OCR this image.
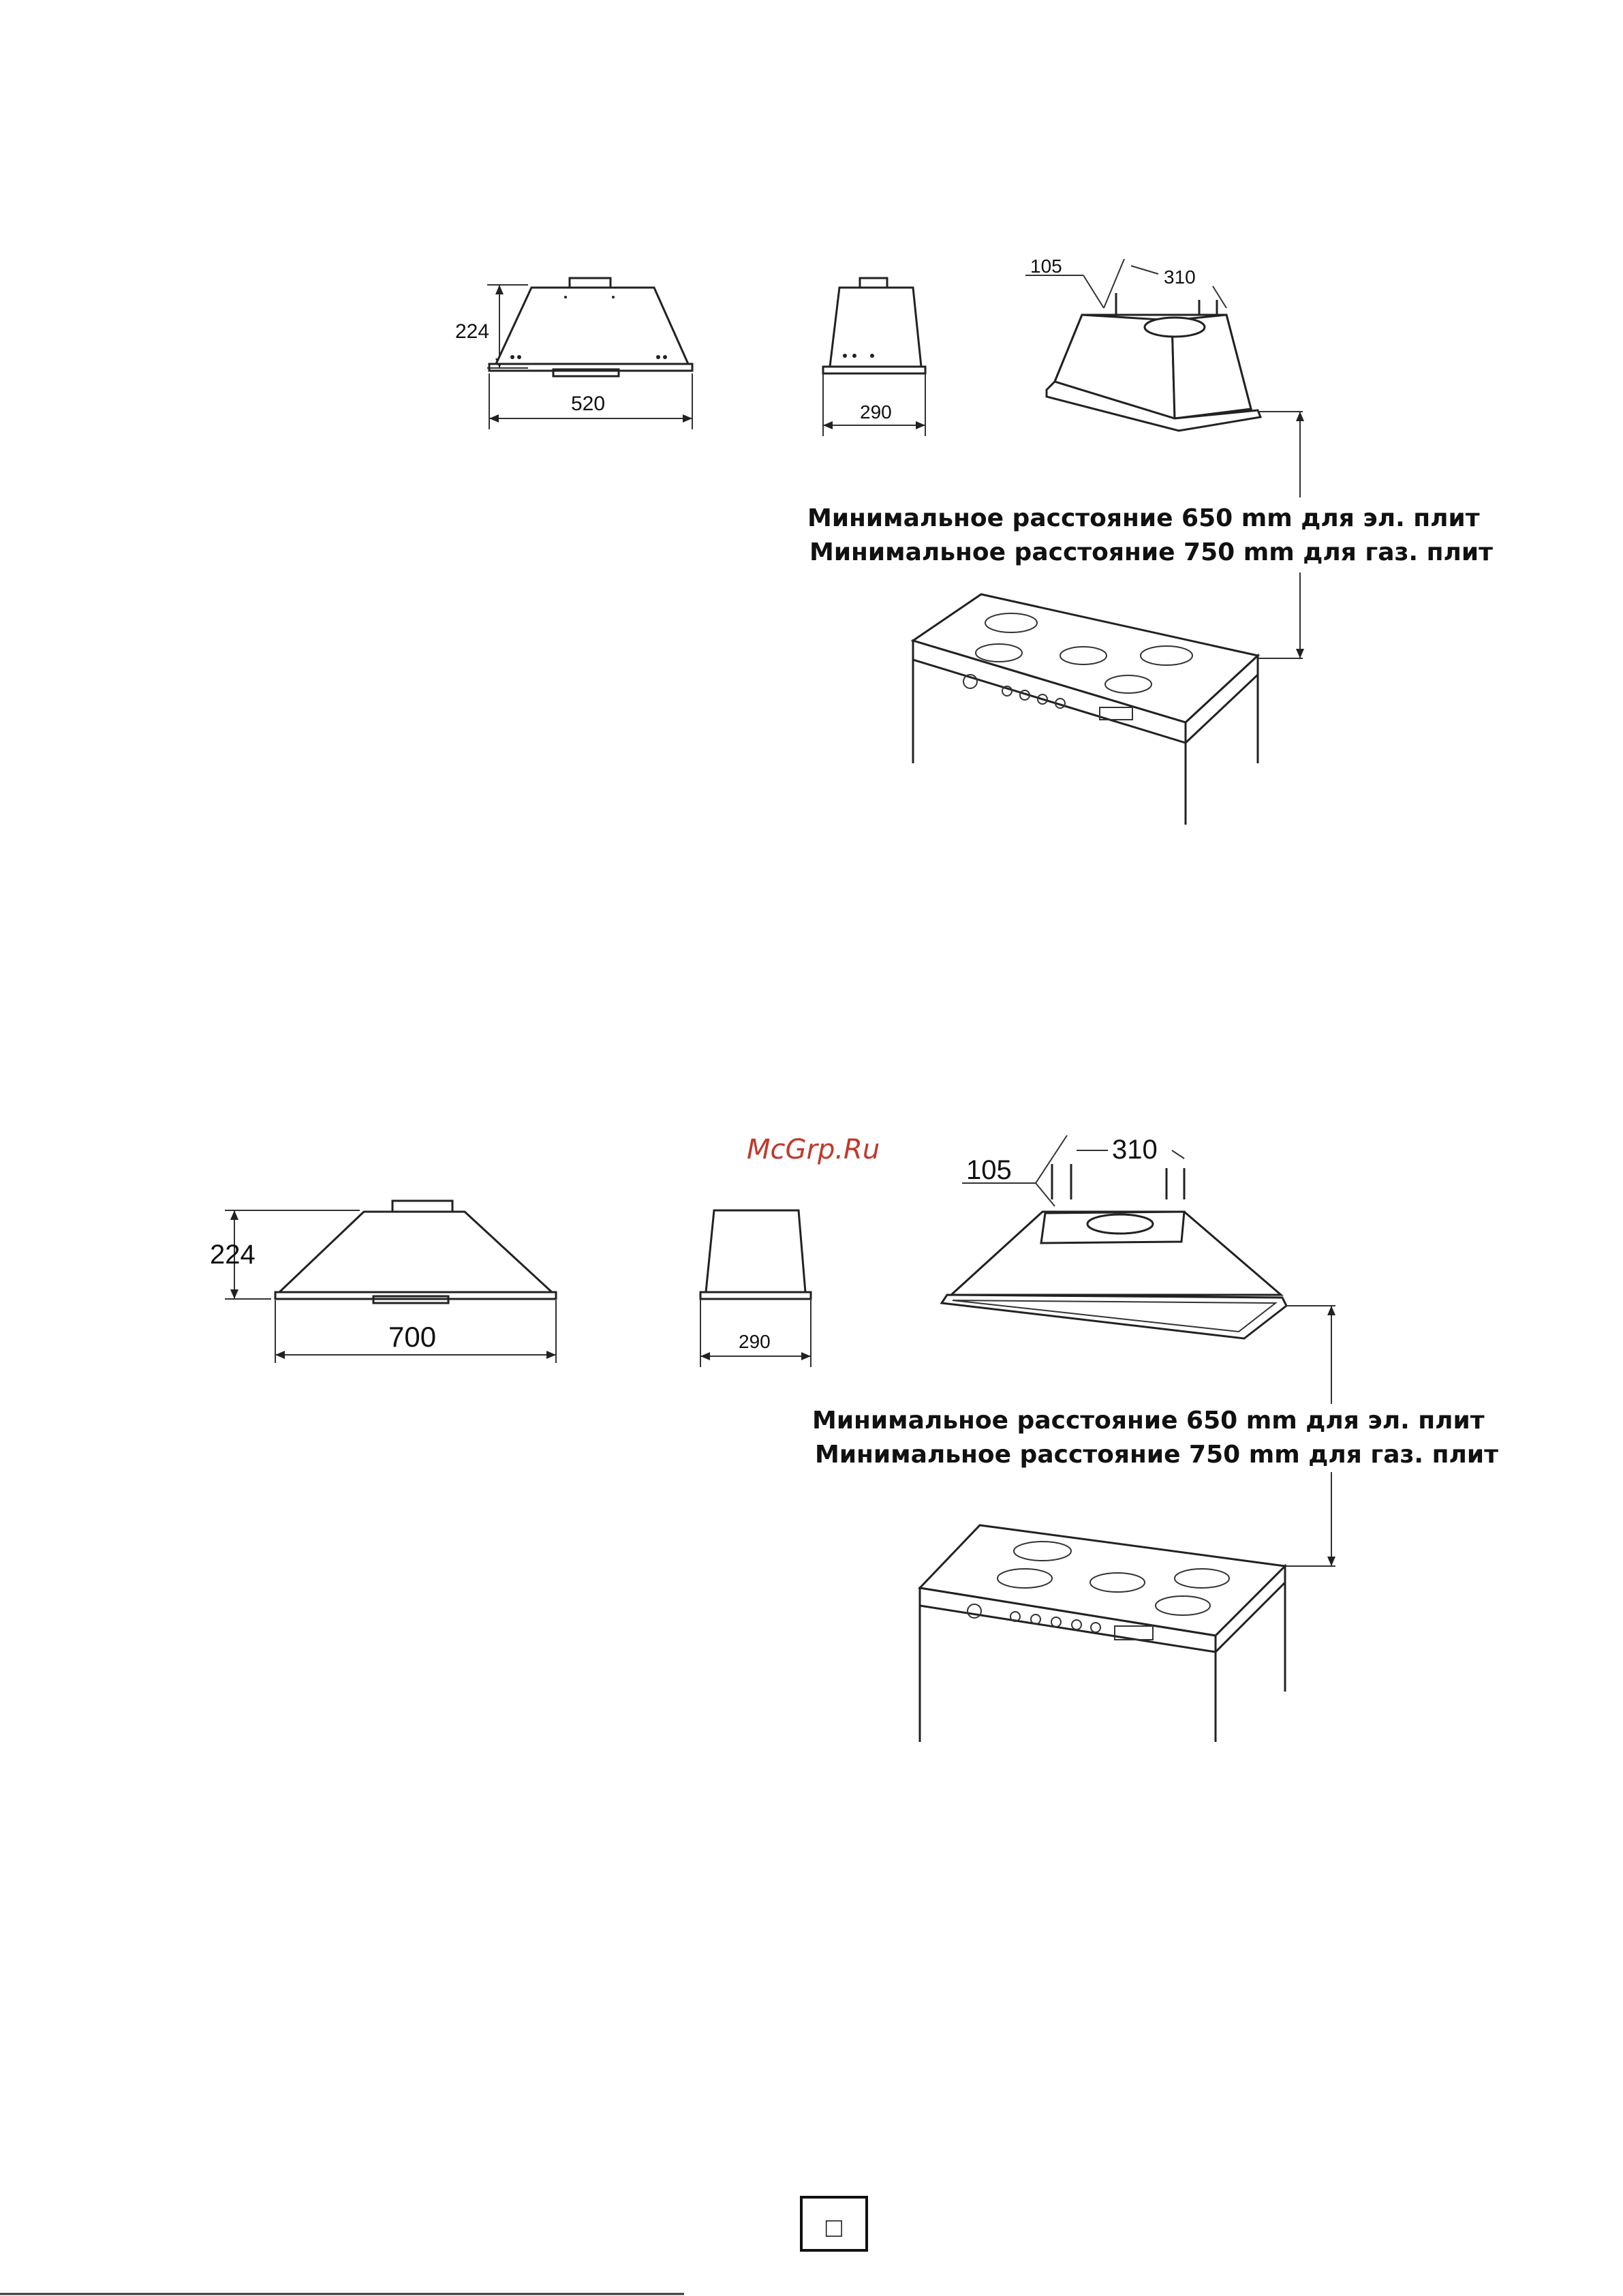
224
520	290
105
310
Минимальное расстояние 650 mm для эл. плит
Минимальное расстояние 750 mm для газ. плит
McGrp.Ru
224
700	290
105
310
Минимальное расстояние 650 mm для эл. плит
Минимальное расстояние 750 mm для газ. плит
□
